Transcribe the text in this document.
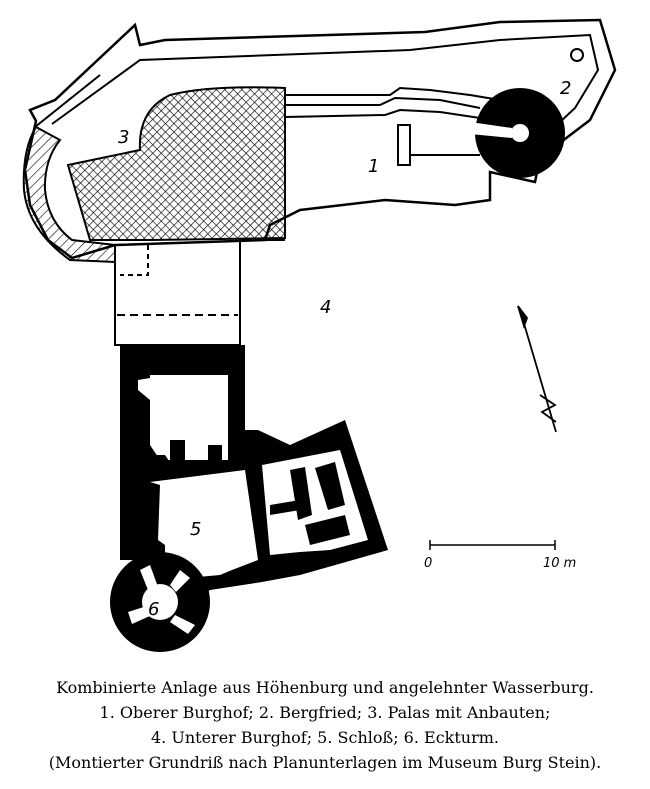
0	10 m
1
2
3
4
5
6
Kombinierte Anlage aus Höhenburg und angelehnter Wasserburg.
1. Oberer Burghof; 2. Bergfried; 3. Palas mit Anbauten;
4. Unterer Burghof; 5. Schloß; 6. Eckturm.
(Montierter Grundriß nach Planunterlagen im Museum Burg Stein).
